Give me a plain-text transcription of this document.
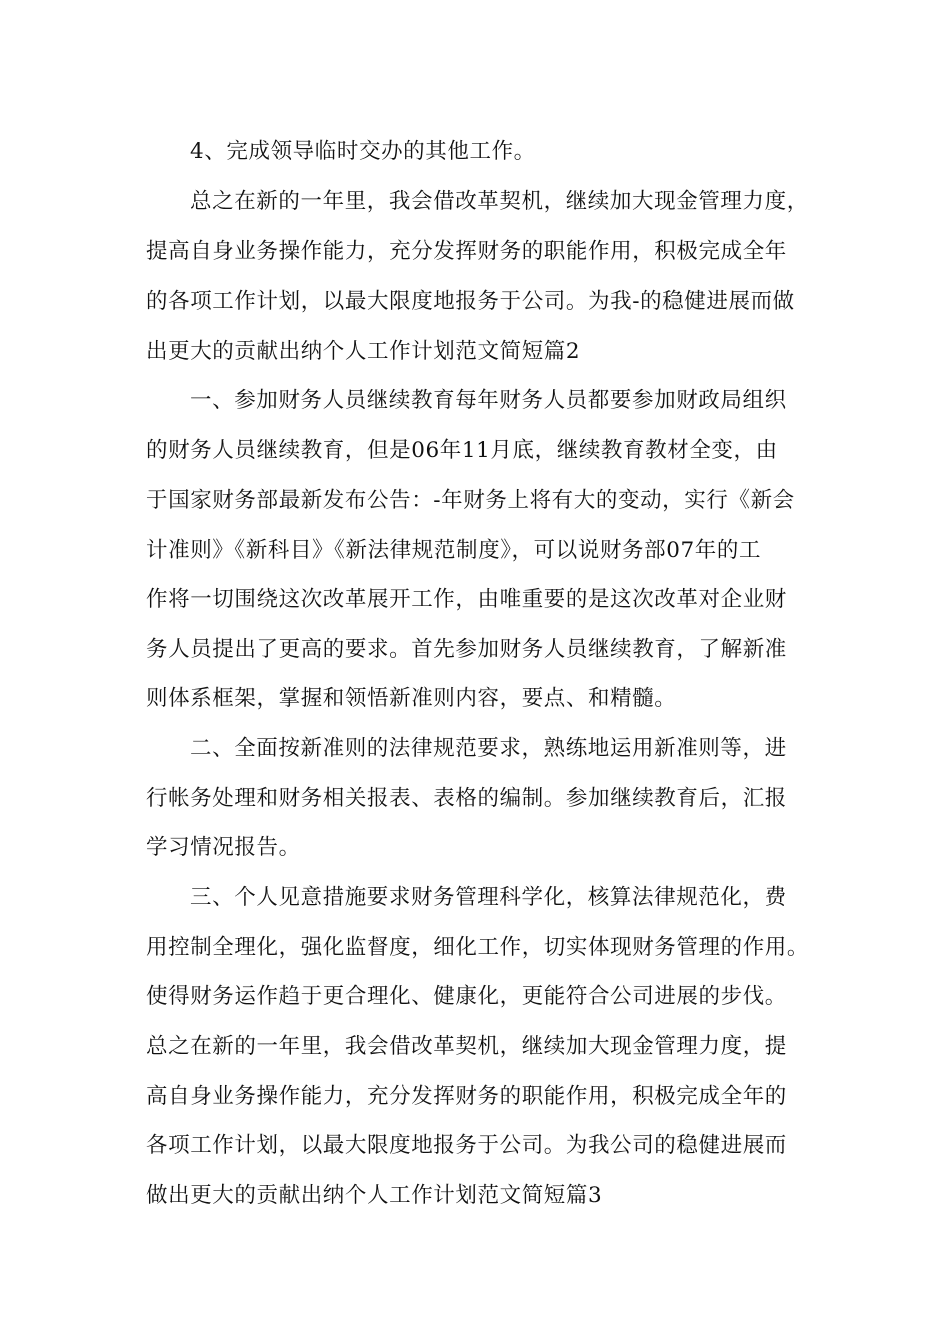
4、完成领导临时交办的其他工作。
总之在新的一年里，我会借改革契机，继续加大现金管理力度，
提高自身业务操作能力，充分发挥财务的职能作用，积极完成全年
的各项工作计划，以最大限度地报务于公司。为我-的稳健进展而做
出更大的贡献出纳个人工作计划范文简短篇2
一、参加财务人员继续教育每年财务人员都要参加财政局组织
的财务人员继续教育，但是06年11月底，继续教育教材全变，由
于国家财务部最新发布公告：-年财务上将有大的变动，实行《新会
计准则》《新科目》《新法律规范制度》，可以说财务部07年的工
作将一切围绕这次改革展开工作，由唯重要的是这次改革对企业财
务人员提出了更高的要求。首先参加财务人员继续教育，了解新准
则体系框架，掌握和领悟新准则内容，要点、和精髓。
二、全面按新准则的法律规范要求，熟练地运用新准则等，进
行帐务处理和财务相关报表、表格的编制。参加继续教育后，汇报
学习情况报告。
三、个人见意措施要求财务管理科学化，核算法律规范化，费
用控制全理化，强化监督度，细化工作，切实体现财务管理的作用。
使得财务运作趋于更合理化、健康化，更能符合公司进展的步伐。
总之在新的一年里，我会借改革契机，继续加大现金管理力度，提
高自身业务操作能力，充分发挥财务的职能作用，积极完成全年的
各项工作计划，以最大限度地报务于公司。为我公司的稳健进展而
做出更大的贡献出纳个人工作计划范文简短篇3
